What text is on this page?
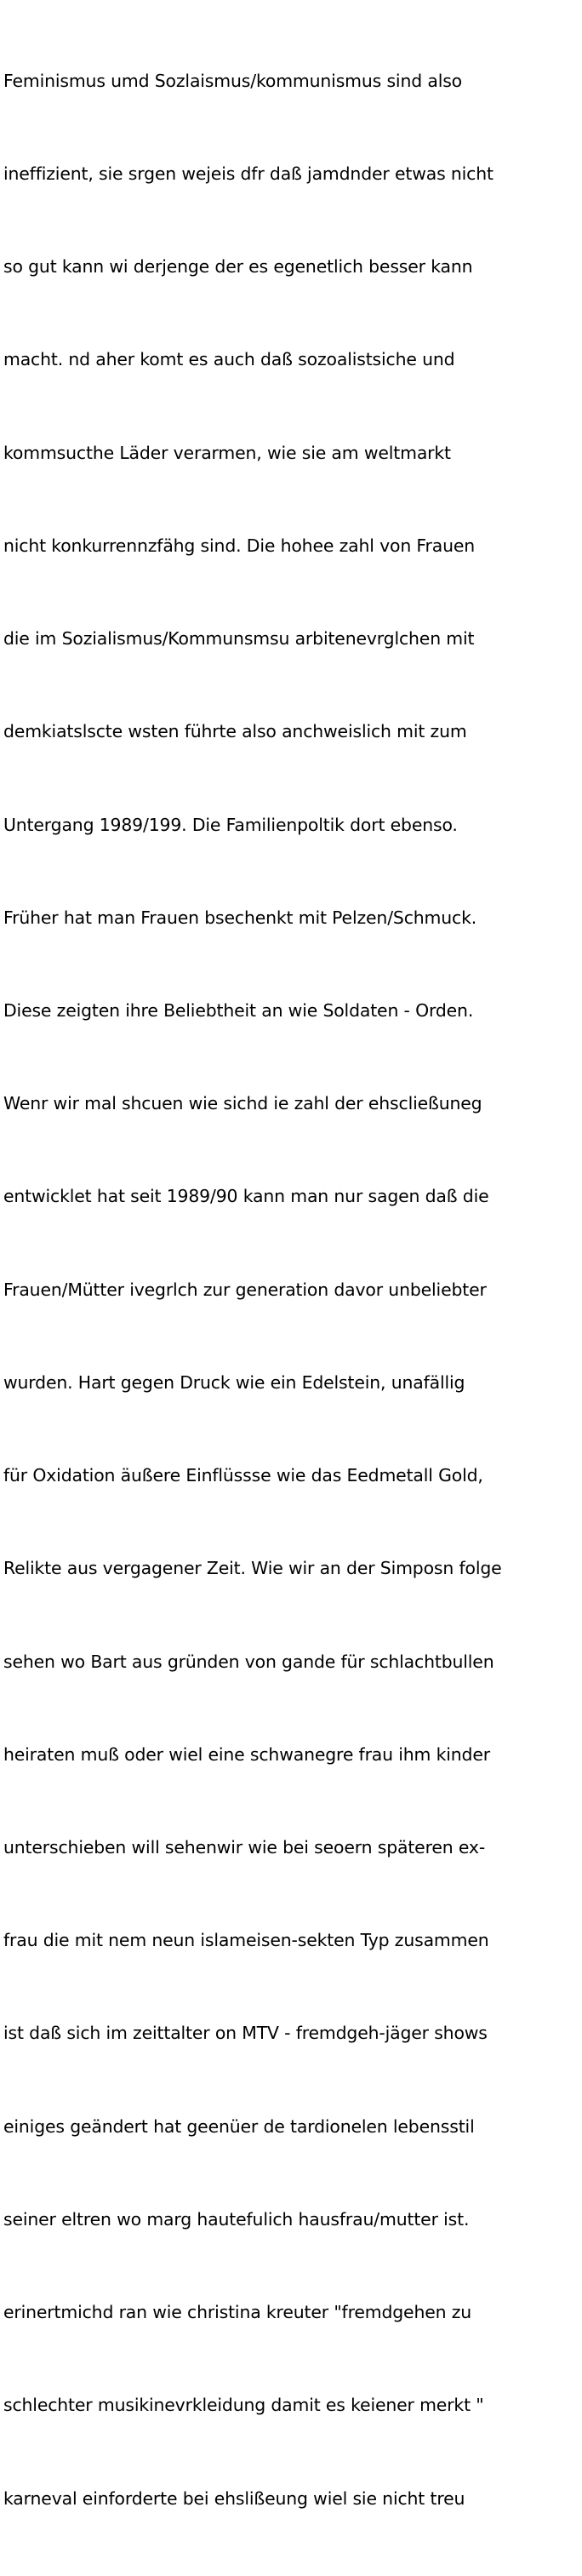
Feminismus umd Sozlaismus/kommunismus sind also

ineffizient, sie srgen wejeis dfr daß jamdnder etwas nicht

so gut kann wi derjenge der es egenetlich besser kann

macht. nd aher komt es auch daß sozoalistsiche und

kommsucthe Läder verarmen, wie sie am weltmarkt

nicht konkurrennzfähg sind. Die hohee zahl von Frauen

die im Sozialismus/Kommunsmsu arbitenevrglchen mit

demkiatslscte wsten führte also anchweislich mit zum

Untergang 1989/199. Die Familienpoltik dort ebenso.

Früher hat man Frauen bsechenkt mit Pelzen/Schmuck.

Diese zeigten ihre Beliebtheit an wie Soldaten - Orden.

Wenr wir mal shcuen wie sichd ie zahl der ehscließuneg

entwicklet hat seit 1989/90 kann man nur sagen daß die

Frauen/Mütter ivegrlch zur generation davor unbeliebter

wurden. Hart gegen Druck wie ein Edelstein, unafällig

für Oxidation äußere Einflüssse wie das Eedmetall Gold,

Relikte aus vergagener Zeit. Wie wir an der Simposn folge

sehen wo Bart aus gründen von gande für schlachtbullen

heiraten muß oder wiel eine schwanegre frau ihm kinder

unterschieben will sehenwir wie bei seoern späteren ex-

frau die mit nem neun islameisen-sekten Typ zusammen

ist daß sich im zeittalter on MTV - fremdgeh-jäger shows

einiges geändert hat geenüer de tardionelen lebensstil

seiner eltren wo marg hautefulich hausfrau/mutter ist.

erinertmichd ran wie christina kreuter "fremdgehen zu

schlechter musikinevrkleidung damit es keiener merkt "

karneval einforderte bei ehslißeung wiel sie nicht treu
